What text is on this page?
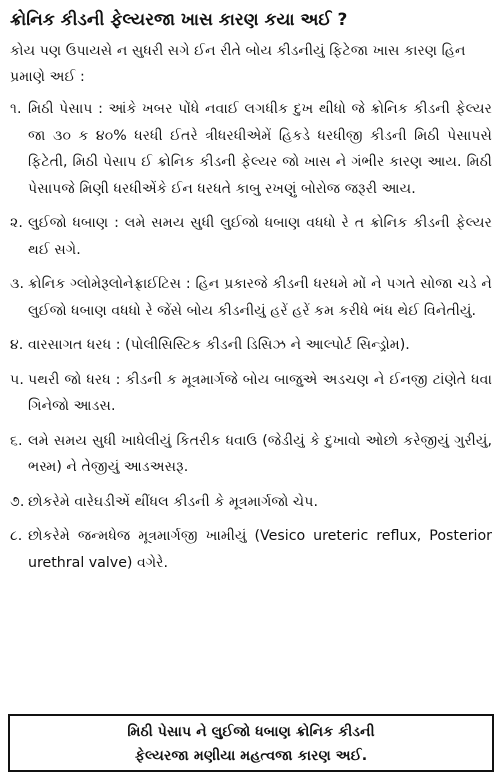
ક્રોનિક કીડની ફેલ્યરજા ખાસ કારણ કયા અઈ ?
કોય પણ ઉપાયસે ન સુધરી સગે ઈન રીતે બોય કીડનીયું ફિટેજા ખાસ કારણ હિન પ્રમાણે અઈ :
૧. મિઠી પેસાપ : આંકે ખબર પોંધે નવાઈ લગધીક દુખ થીધો જે ક્રોનિક કીડની ફેલ્યર જા ૩૦ ક ૪૦% ધરધી ઈતરે ત્રીધરધીએમેં હિકડે ધરધીજી કીડની મિઠી પેસાપસે ફિટેતી, મિઠી પેસાપ ઈ ક્રોનિક કીડની ફેલ્યર જો ખાસ ને ગંભીર કારણ આય. મિઠી પેસાપજે મિણી ધરધીએંકે ઈન ધરધતે કાબુ રખણું બોરોજ જરૂરી આય.
૨. લુઈજો ધબાણ : લમે સમય સુધી લુઈજો ધબાણ વધધો રે ત ક્રોનિક કીડની ફેલ્યર થઈ સગે.
૩. ક્રોનિક ગ્લોમેરૂલોનેફ્રાઈટિસ : હિન પ્રકારજે કીડની ધરધમે મોં ને પગતે સોજા ચડે ને લુઈજો ધબાણ વધધો રે જેંસે બોય કીડનીયું હરેં હરેં કમ કરીધે ભંધ થેઈ વિનેતીયું.
૪. વારસાગત ધરધ : (પોલીસિસ્ટિક કીડની ડિસિઝ ને આલ્પોર્ટ સિન્ડ્રોમ).
૫. પથરી જો ધરધ : કીડની ક મૂત્રમાર્ગજે બોય બાજુએ અડચણ ને ઈનજી ટાંણેતે ધવા ગિનેજો આડસ.
૬. લમે સમય સુધી ખાધેલીયું કિતરીક ધવાઉ (જેડીયું કે દુખાવો ઓછો કરેજીયું ગુરીયું, ભસ્મ) ને તેજીયું આડઅસરૂ.
૭. છોકરેમે વારેઘડીએં થીંધલ કીડની કે મૂત્રમાર્ગજો ચેપ.
૮. છોકરેમે જન્મધેજ મૂત્રમાર્ગજી ખામીયું (Vesico ureteric reflux, Posterior urethral valve) વગેરે.
મિઠી પેસાપ ને લુઈજો ધબાણ ક્રોનિક કીડની
ફેલ્યરજા મણીયા મહત્વજા કારણ અઈ.
